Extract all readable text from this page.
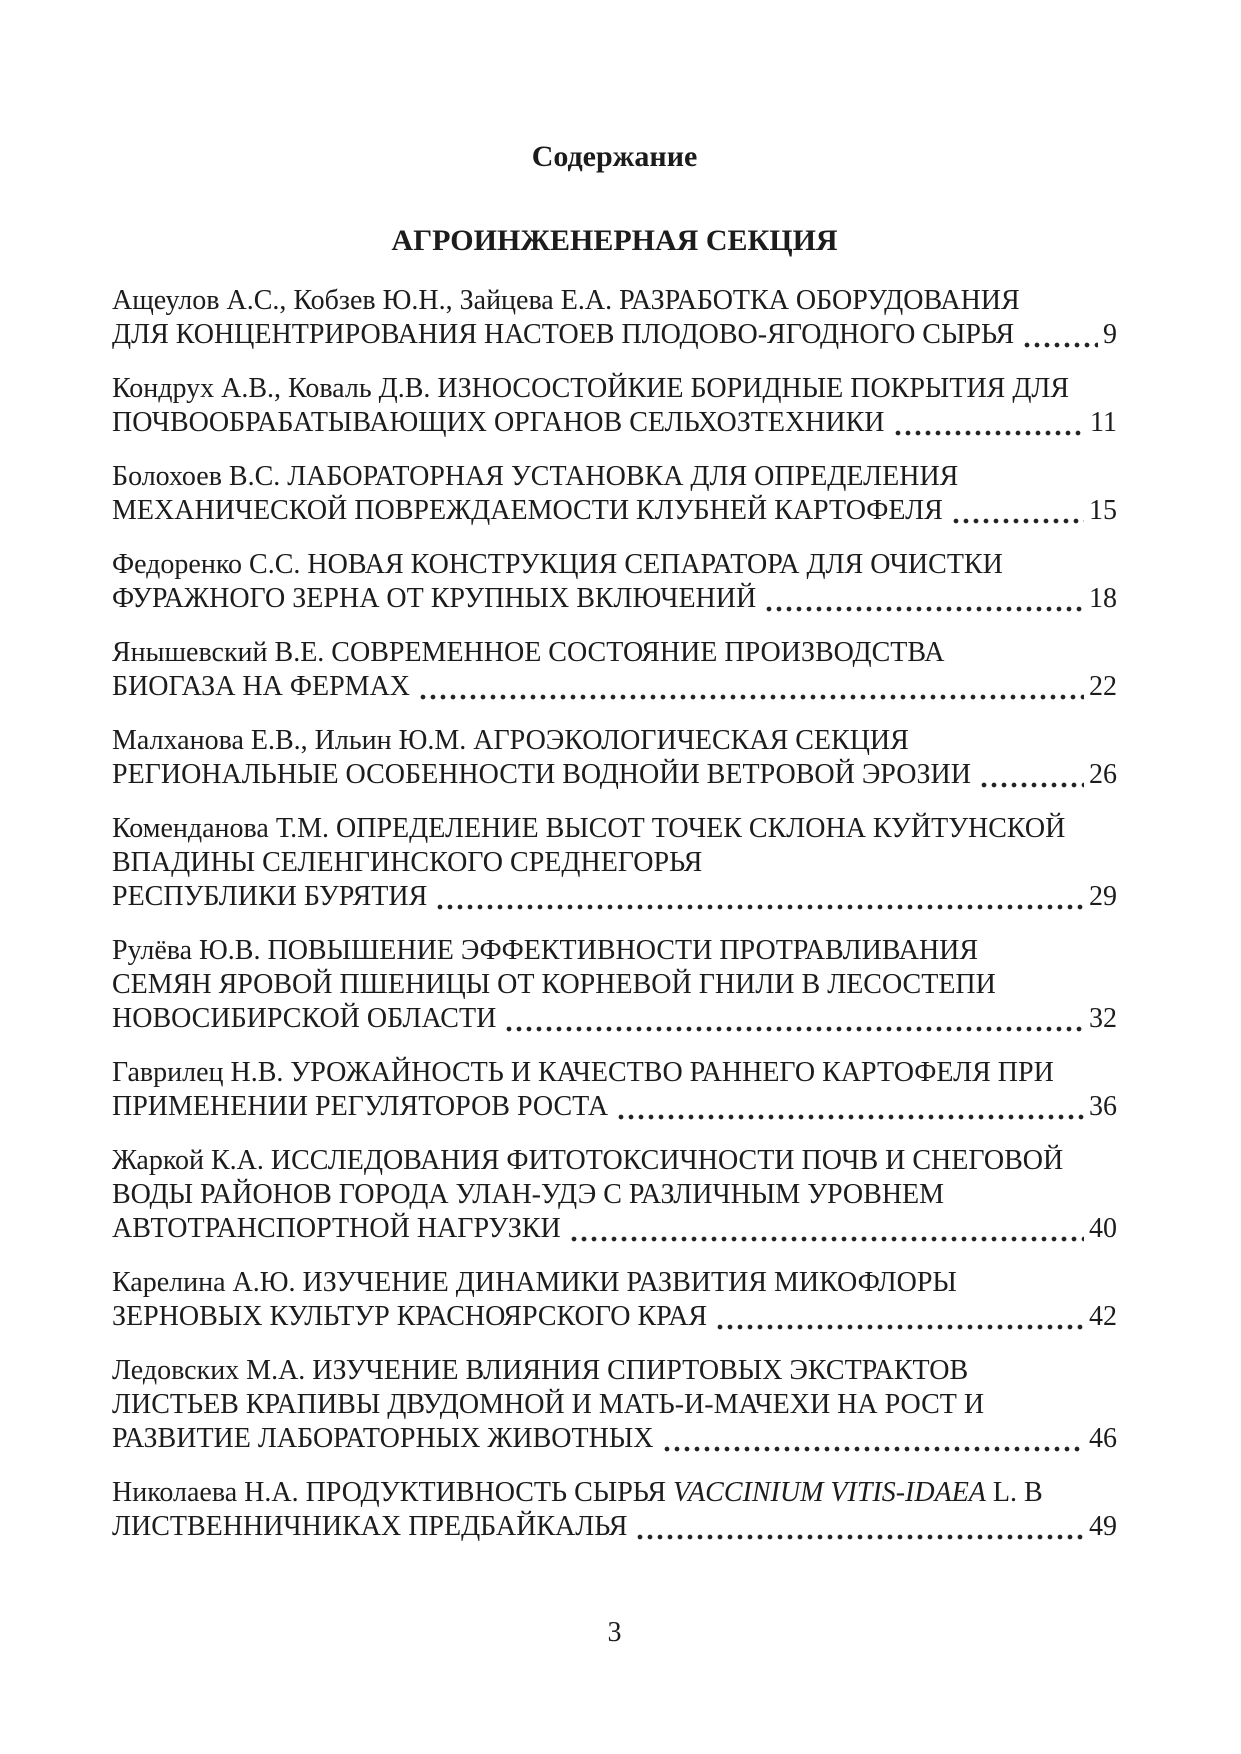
Содержание
АГРОИНЖЕНЕРНАЯ СЕКЦИЯ
Ащеулов А.С., Кобзев Ю.Н., Зайцева Е.А. РАЗРАБОТКА ОБОРУДОВАНИЯ
ДЛЯ КОНЦЕНТРИРОВАНИЯ НАСТОЕВ ПЛОДОВО-ЯГОДНОГО СЫРЬЯ	9
Кондрух А.В., Коваль Д.В. ИЗНОСОСТОЙКИЕ БОРИДНЫЕ ПОКРЫТИЯ ДЛЯ
ПОЧВООБРАБАТЫВАЮЩИХ ОРГАНОВ СЕЛЬХОЗТЕХНИКИ	11
Болохоев В.С. ЛАБОРАТОРНАЯ УСТАНОВКА ДЛЯ ОПРЕДЕЛЕНИЯ
МЕХАНИЧЕСКОЙ ПОВРЕЖДАЕМОСТИ КЛУБНЕЙ КАРТОФЕЛЯ	15
Федоренко С.С. НОВАЯ КОНСТРУКЦИЯ СЕПАРАТОРА ДЛЯ ОЧИСТКИ
ФУРАЖНОГО ЗЕРНА ОТ КРУПНЫХ ВКЛЮЧЕНИЙ	18
Янышевский В.Е. СОВРЕМЕННОЕ СОСТОЯНИЕ ПРОИЗВОДСТВА
БИОГАЗА НА ФЕРМАХ	22
Малханова Е.В., Ильин Ю.М. АГРОЭКОЛОГИЧЕСКАЯ СЕКЦИЯ
РЕГИОНАЛЬНЫЕ ОСОБЕННОСТИ ВОДНОЙИ ВЕТРОВОЙ ЭРОЗИИ	26
Коменданова Т.М. ОПРЕДЕЛЕНИЕ ВЫСОТ ТОЧЕК СКЛОНА КУЙТУНСКОЙ
ВПАДИНЫ СЕЛЕНГИНСКОГО СРЕДНЕГОРЬЯ
РЕСПУБЛИКИ БУРЯТИЯ	29
Рулёва Ю.В. ПОВЫШЕНИЕ ЭФФЕКТИВНОСТИ ПРОТРАВЛИВАНИЯ
СЕМЯН ЯРОВОЙ ПШЕНИЦЫ ОТ КОРНЕВОЙ ГНИЛИ В ЛЕСОСТЕПИ
НОВОСИБИРСКОЙ ОБЛАСТИ	32
Гаврилец Н.В. УРОЖАЙНОСТЬ И КАЧЕСТВО РАННЕГО КАРТОФЕЛЯ ПРИ
ПРИМЕНЕНИИ РЕГУЛЯТОРОВ РОСТА	36
Жаркой К.А. ИССЛЕДОВАНИЯ ФИТОТОКСИЧНОСТИ ПОЧВ И СНЕГОВОЙ
ВОДЫ РАЙОНОВ ГОРОДА УЛАН-УДЭ С РАЗЛИЧНЫМ УРОВНЕМ
АВТОТРАНСПОРТНОЙ НАГРУЗКИ	40
Карелина А.Ю. ИЗУЧЕНИЕ ДИНАМИКИ РАЗВИТИЯ МИКОФЛОРЫ
ЗЕРНОВЫХ КУЛЬТУР КРАСНОЯРСКОГО КРАЯ	42
Ледовских М.А. ИЗУЧЕНИЕ ВЛИЯНИЯ СПИРТОВЫХ ЭКСТРАКТОВ
ЛИСТЬЕВ КРАПИВЫ ДВУДОМНОЙ И МАТЬ-И-МАЧЕХИ НА РОСТ И
РАЗВИТИЕ ЛАБОРАТОРНЫХ ЖИВОТНЫХ	46
Николаева Н.А. ПРОДУКТИВНОСТЬ СЫРЬЯ VACCINIUM VITIS-IDAEA L. В
ЛИСТВЕННИЧНИКАХ ПРЕДБАЙКАЛЬЯ	49
3
